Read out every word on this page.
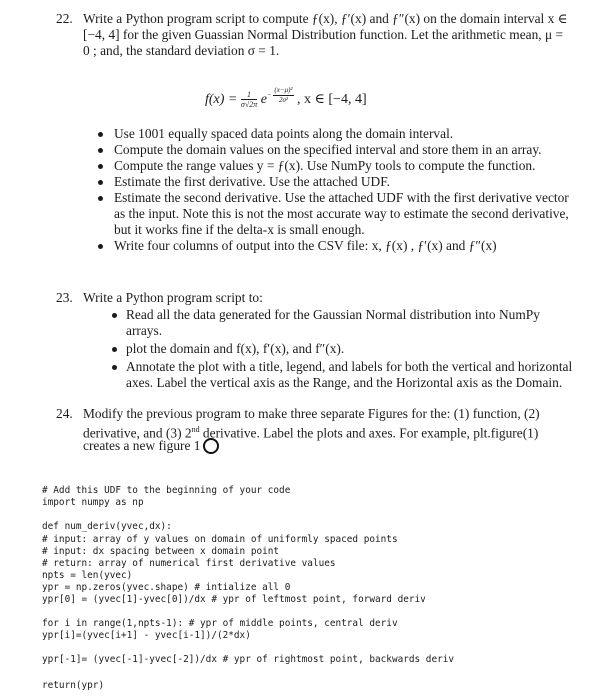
22. Write a Python program script to compute ƒ(x), ƒ′(x) and ƒ″(x) on the domain interval x ∈
[−4, 4] for the given Guassian Normal Distribution function. Let the arithmetic mean, μ =
0 ; and, the standard deviation σ = 1.
$f(x) = \frac{1}{\sigma√2\pi} e- \frac{\text{(x−μ)²}}{\text{2σ²}}$ , x ∈ [−4, 4]
Use 1001 equally spaced data points along the domain interval.
Compute the domain values on the specified interval and store them in an array.
Compute the range values y = ƒ(x). Use NumPy tools to compute the function.
Estimate the first derivative. Use the attached UDF.
Estimate the second derivative. Use the attached UDF with the first derivative vector
as the input. Note this is not the most accurate way to estimate the second derivative,
but it works fine if the delta-x is small enough.
Write four columns of output into the CSV file: x, ƒ(x) , ƒ′(x) and ƒ″(x)
23. Write a Python program script to:
Read all the data generated for the Gaussian Normal distribution into NumPy
arrays.
plot the domain and f(x), f′(x), and f″(x).
Annotate the plot with a title, legend, and labels for both the vertical and horizontal
axes. Label the vertical axis as the Range, and the Horizontal axis as the Domain.
24. Modify the previous program to make three separate Figures for the: (1) function, (2)
derivative, and (3) 2nd derivative. Label the plots and axes. For example, plt.figure(1)
creates a new figure 1
# Add this UDF to the beginning of your code
import numpy as np
def num_deriv(yvec,dx):
# input: array of y values on domain of uniformly spaced points
# input: dx spacing between x domain point
# return: array of numerical first derivative values
npts = len(yvec)
ypr = np.zeros(yvec.shape) # intialize all 0
ypr[0] = (yvec[1]-yvec[0])/dx # ypr of leftmost point, forward deriv
for i in range(1,npts-1): # ypr of middle points, central deriv
ypr[i]=(yvec[i+1] - yvec[i-1])/(2*dx)
ypr[-1]= (yvec[-1]-yvec[-2])/dx # ypr of rightmost point, backwards deriv
return(ypr)
